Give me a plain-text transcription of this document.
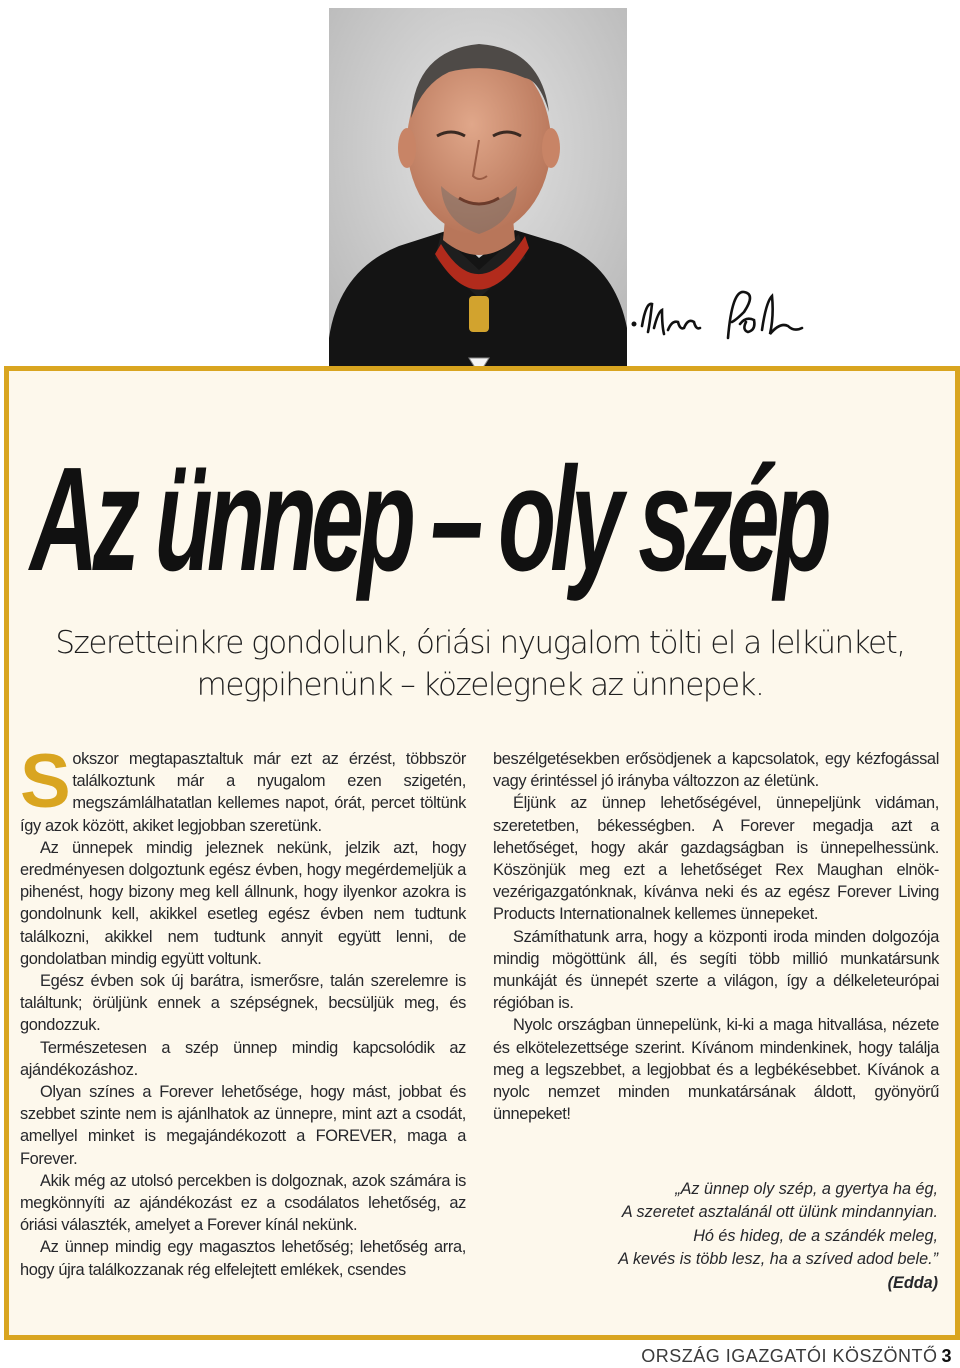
Az ünnep – oly szép
Szeretteinkre gondolunk, óriási nyugalom tölti el a lelkünket,
megpihenünk – közelegnek az ünnepek.

Sokszor megtapasztaltuk már ezt az érzést, többször találkoztunk már a nyugalom ezen szigetén, megszámlálhatatlan kellemes napot, órát, percet töltünk így azok között, akiket legjobban szeretünk.

Az ünnepek mindig jeleznek nekünk, jelzik azt, hogy eredményesen dolgoztunk egész évben, hogy megérdemeljük a pihenést, hogy bizony meg kell állnunk, hogy ilyenkor azokra is gondolnunk kell, akikkel esetleg egész évben nem tudtunk találkozni, akikkel nem tudtunk annyit együtt lenni, de gondolatban mindig együtt voltunk.

Egész évben sok új barátra, ismerősre, talán szerelemre is találtunk; örüljünk ennek a szépségnek, becsüljük meg, és gondozzuk.

Természetesen a szép ünnep mindig kapcsolódik az ajándékozáshoz.

Olyan színes a Forever lehetősége, hogy mást, jobbat és szebbet szinte nem is ajánlhatok az ünnepre, mint azt a csodát, amellyel minket is megajándékozott a FOREVER, maga a Forever.

Akik még az utolsó percekben is dolgoznak, azok számára is megkönnyíti az ajándékozást ez a csodálatos lehetőség, az óriási választék, amelyet a Forever kínál nekünk.

Az ünnep mindig egy magasztos lehetőség; lehetőség arra, hogy újra találkozzanak rég elfelejtett emlékek, csendes

beszélgetésekben erősödjenek a kapcsolatok, egy kézfogással vagy érintéssel jó irányba változzon az életünk.

Éljünk az ünnep lehetőségével, ünnepeljünk vidáman, szeretetben, békességben. A Forever megadja azt a lehetőséget, hogy akár gazdagságban is ünnepelhessünk. Köszönjük meg ezt a lehetőséget Rex Maughan elnök-vezérigazgatónknak, kívánva neki és az egész Forever Living Products Internationalnek kellemes ünnepeket.

Számíthatunk arra, hogy a központi iroda minden dolgozója mindig mögöttünk áll, és segíti több millió munkatársunk munkáját és ünnepét szerte a világon, így a délkeleteurópai régióban is.

Nyolc országban ünnepelünk, ki-ki a maga hitvallása, nézete és elkötelezettsége szerint. Kívánom mindenkinek, hogy találja meg a legszebbet, a legjobbat és a legbékésebbet. Kívánok a nyolc nemzet minden munkatársának áldott, gyönyörű ünnepeket!

„Az ünnep oly szép, a gyertya ha ég,
A szeretet asztalánál ott ülünk mindannyian.
Hó és hideg, de a szándék meleg,
A kevés is több lesz, ha a szíved adod bele.”
(Edda)
ORSZÁG IGAZGATÓI KÖSZÖNTŐ 3
